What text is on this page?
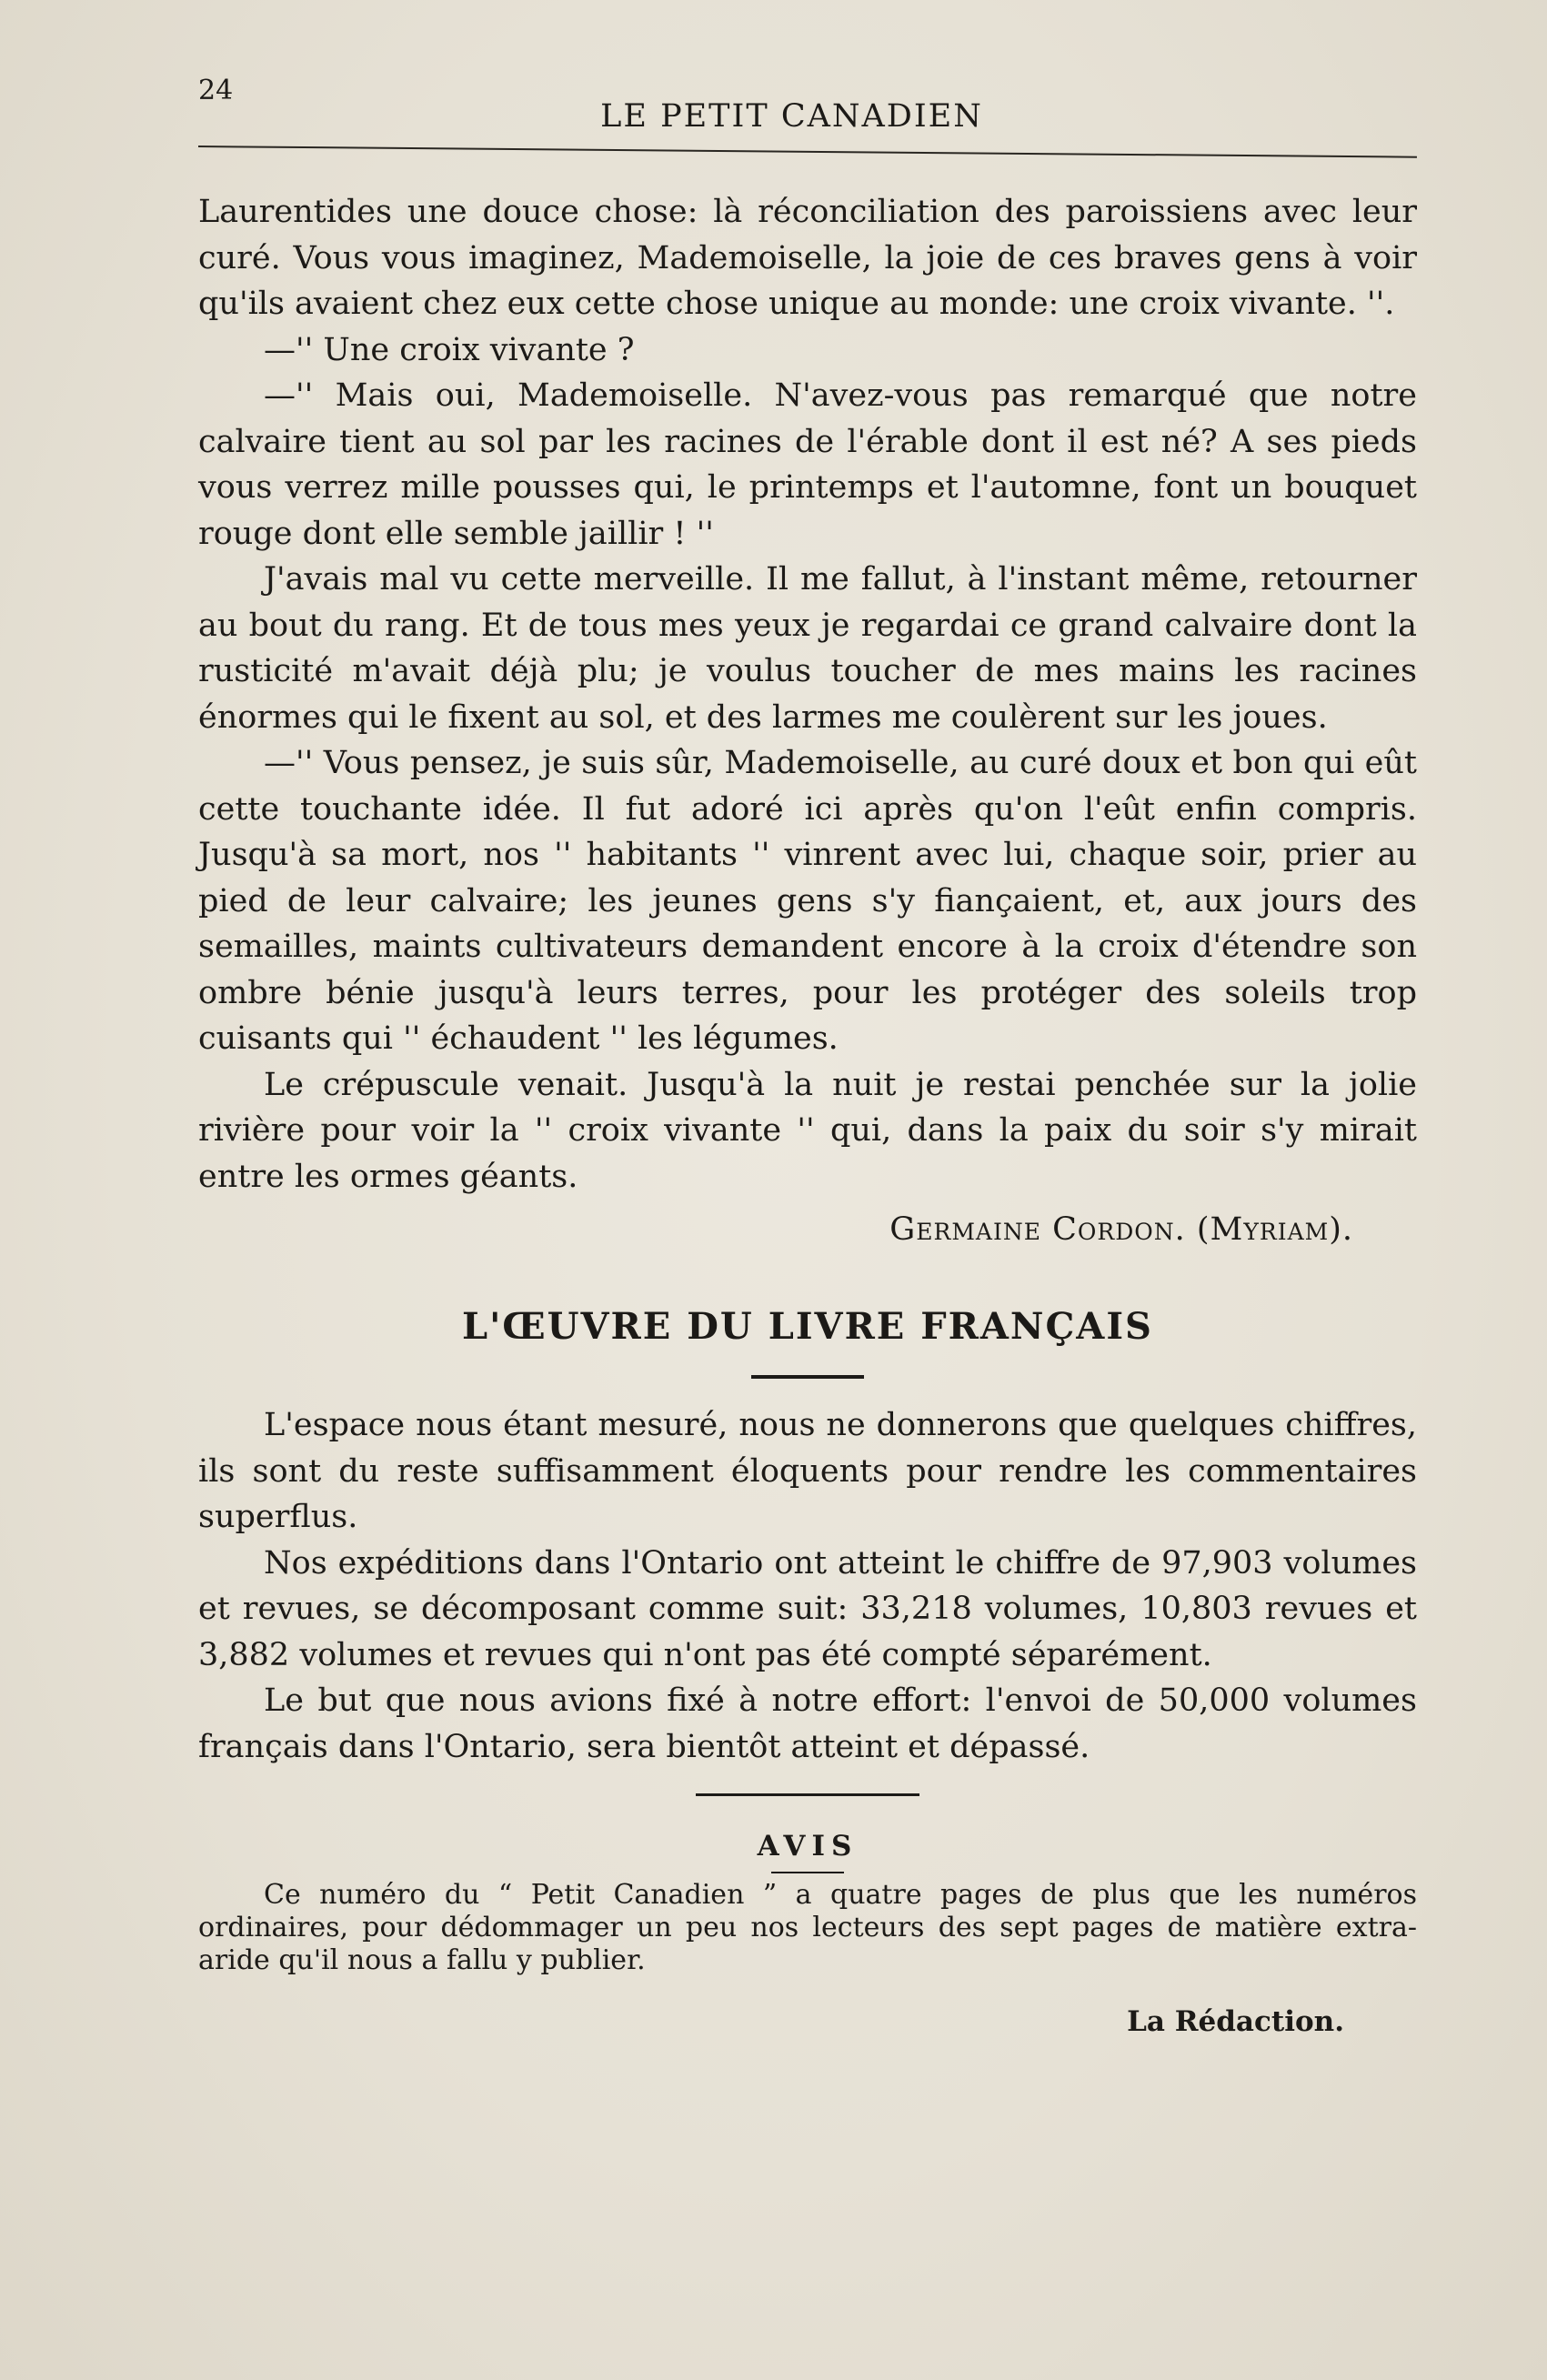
24
LE PETIT CANADIEN

Laurentides une douce chose: là réconciliation des paroissiens avec leur curé. Vous vous imaginez, Mademoiselle, la joie de ces braves gens à voir qu'ils avaient chez eux cette chose unique au monde: une croix vivante. ''.

—'' Une croix vivante ?

—'' Mais oui, Mademoiselle. N'avez-vous pas remarqué que notre calvaire tient au sol par les racines de l'érable dont il est né? A ses pieds vous verrez mille pousses qui, le printemps et l'automne, font un bouquet rouge dont elle semble jaillir ! ''

J'avais mal vu cette merveille. Il me fallut, à l'instant même, retourner au bout du rang. Et de tous mes yeux je regardai ce grand calvaire dont la rusticité m'avait déjà plu; je voulus toucher de mes mains les racines énormes qui le fixent au sol, et des larmes me coulèrent sur les joues.

—'' Vous pensez, je suis sûr, Mademoiselle, au curé doux et bon qui eût cette touchante idée. Il fut adoré ici après qu'on l'eût enfin compris. Jusqu'à sa mort, nos '' habitants '' vinrent avec lui, chaque soir, prier au pied de leur calvaire; les jeunes gens s'y fiançaient, et, aux jours des semailles, maints cultivateurs demandent encore à la croix d'étendre son ombre bénie jusqu'à leurs terres, pour les protéger des soleils trop cuisants qui '' échaudent '' les légumes.

Le crépuscule venait. Jusqu'à la nuit je restai penchée sur la jolie rivière pour voir la '' croix vivante '' qui, dans la paix du soir s'y mirait entre les ormes géants.

Germaine Cordon. (Myriam).

L'ŒUVRE DU LIVRE FRANÇAIS

L'espace nous étant mesuré, nous ne donnerons que quelques chiffres, ils sont du reste suffisamment éloquents pour rendre les commentaires superflus.

Nos expéditions dans l'Ontario ont atteint le chiffre de 97,903 volumes et revues, se décomposant comme suit: 33,218 volumes, 10,803 revues et 3,882 volumes et revues qui n'ont pas été compté séparément.

Le but que nous avions fixé à notre effort: l'envoi de 50,000 volumes français dans l'Ontario, sera bientôt atteint et dépassé.

AVIS

Ce numéro du “ Petit Canadien ” a quatre pages de plus que les numéros ordinaires, pour dédommager un peu nos lecteurs des sept pages de matière extra-aride qu'il nous a fallu y publier.

La Rédaction.
